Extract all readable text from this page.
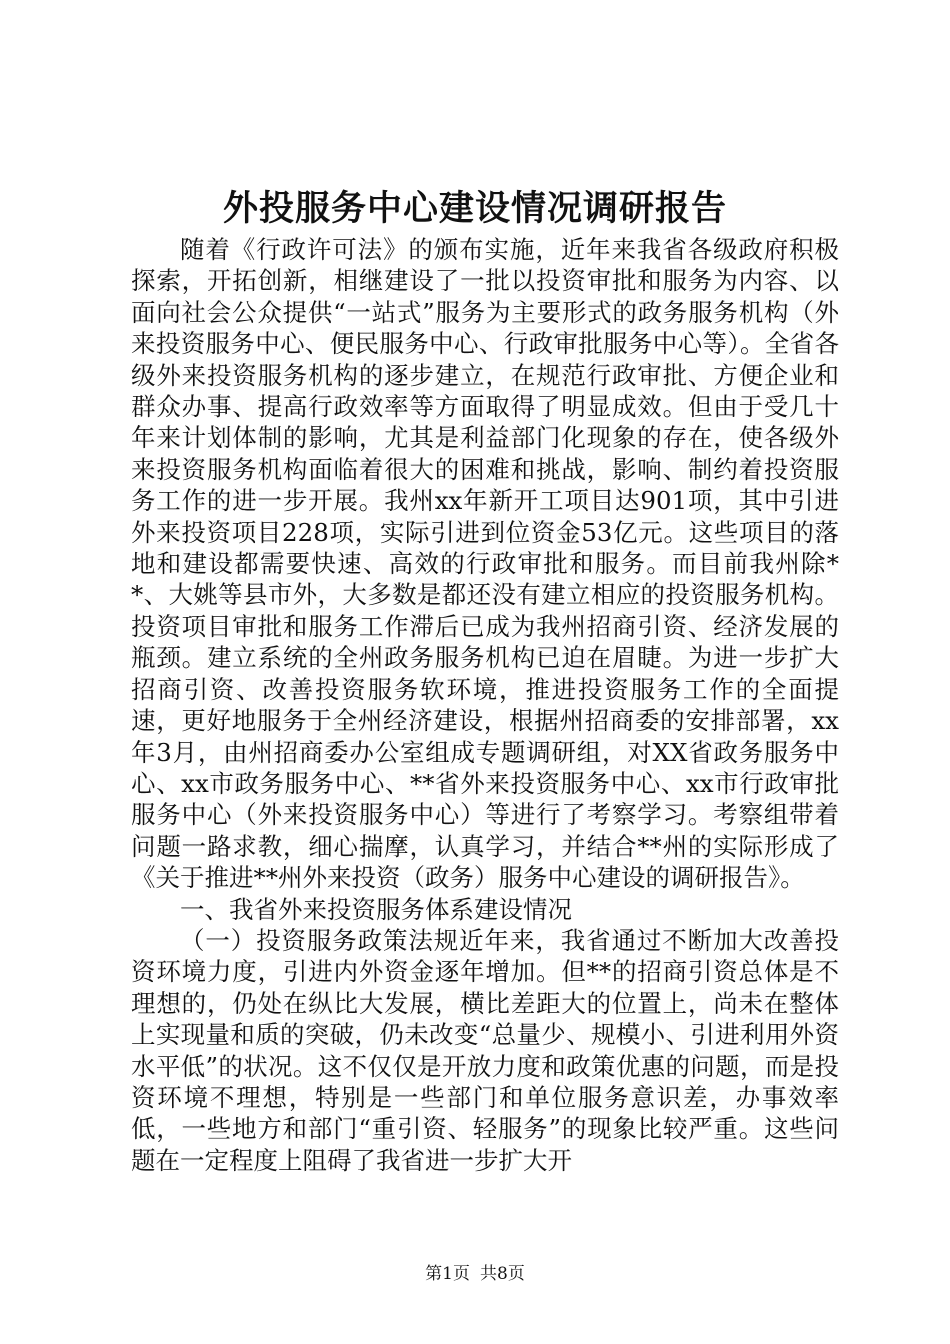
外投服务中心建设情况调研报告

随着《行政许可法》的颁布实施，近年来我省各级政府积极探索，开拓创新，相继建设了一批以投资审批和服务为内容、以面向社会公众提供“一站式”服务为主要形式的政务服务机构（外来投资服务中心、便民服务中心、行政审批服务中心等）。全省各级外来投资服务机构的逐步建立，在规范行政审批、方便企业和群众办事、提高行政效率等方面取得了明显成效。但由于受几十年来计划体制的影响，尤其是利益部门化现象的存在，使各级外来投资服务机构面临着很大的困难和挑战，影响、制约着投资服务工作的进一步开展。我州xx年新开工项目达901项，其中引进外来投资项目228项，实际引进到位资金53亿元。这些项目的落地和建设都需要快速、高效的行政审批和服务。而目前我州除**、大姚等县市外，大多数是都还没有建立相应的投资服务机构。投资项目审批和服务工作滞后已成为我州招商引资、经济发展的瓶颈。建立系统的全州政务服务机构已迫在眉睫。为进一步扩大招商引资、改善投资服务软环境，推进投资服务工作的全面提速，更好地服务于全州经济建设，根据州招商委的安排部署，xx年3月，由州招商委办公室组成专题调研组，对XX省政务服务中心、xx市政务服务中心、**省外来投资服务中心、xx市行政审批服务中心（外来投资服务中心）等进行了考察学习。考察组带着问题一路求教，细心揣摩，认真学习，并结合**州的实际形成了《关于推进**州外来投资（政务）服务中心建设的调研报告》。

一、我省外来投资服务体系建设情况

（一）投资服务政策法规近年来，我省通过不断加大改善投资环境力度，引进内外资金逐年增加。但**的招商引资总体是不理想的，仍处在纵比大发展，横比差距大的位置上，尚未在整体上实现量和质的突破，仍未改变“总量少、规模小、引进利用外资水平低”的状况。这不仅仅是开放力度和政策优惠的问题，而是投资环境不理想，特别是一些部门和单位服务意识差，办事效率低，一些地方和部门“重引资、轻服务”的现象比较严重。这些问题在一定程度上阻碍了我省进一步扩大开

第1页 共8页
